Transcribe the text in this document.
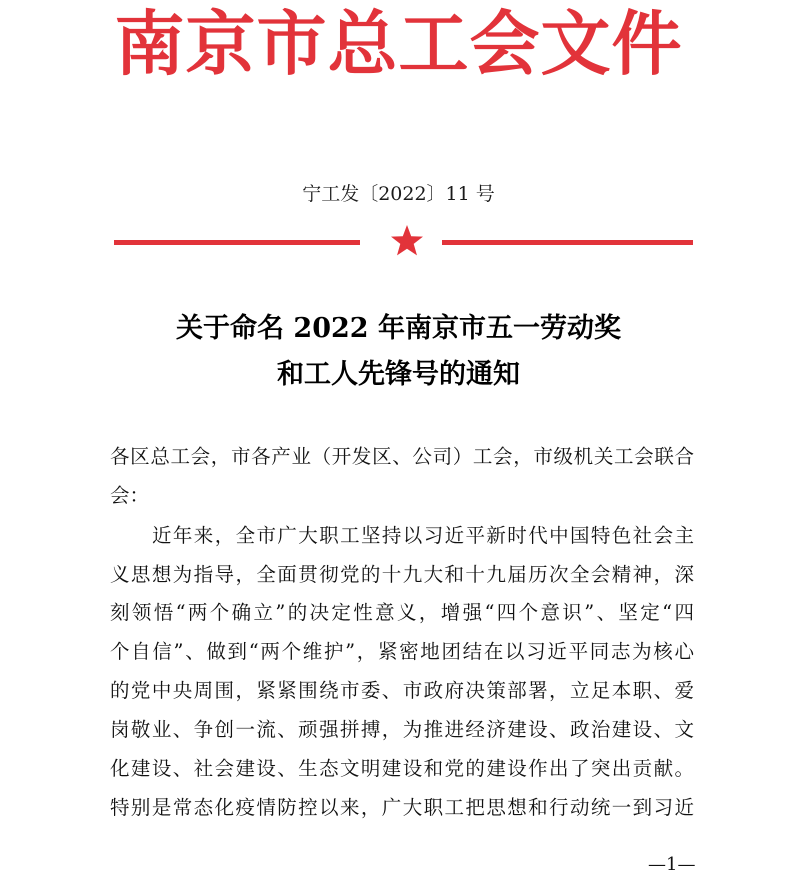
南京市总工会文件
宁工发〔2022〕11 号
关于命名 2022 年南京市五一劳动奖
和工人先锋号的通知
各区总工会，市各产业（开发区、公司）工会，市级机关工会联合
会：
近年来，全市广大职工坚持以习近平新时代中国特色社会主
义思想为指导，全面贯彻党的十九大和十九届历次全会精神，深
刻领悟“两个确立”的决定性意义，增强“四个意识”、坚定“四
个自信”、做到“两个维护”，紧密地团结在以习近平同志为核心
的党中央周围，紧紧围绕市委、市政府决策部署，立足本职、爱
岗敬业、争创一流、顽强拼搏，为推进经济建设、政治建设、文
化建设、社会建设、生态文明建设和党的建设作出了突出贡献。
特别是常态化疫情防控以来，广大职工把思想和行动统一到习近
—1—
